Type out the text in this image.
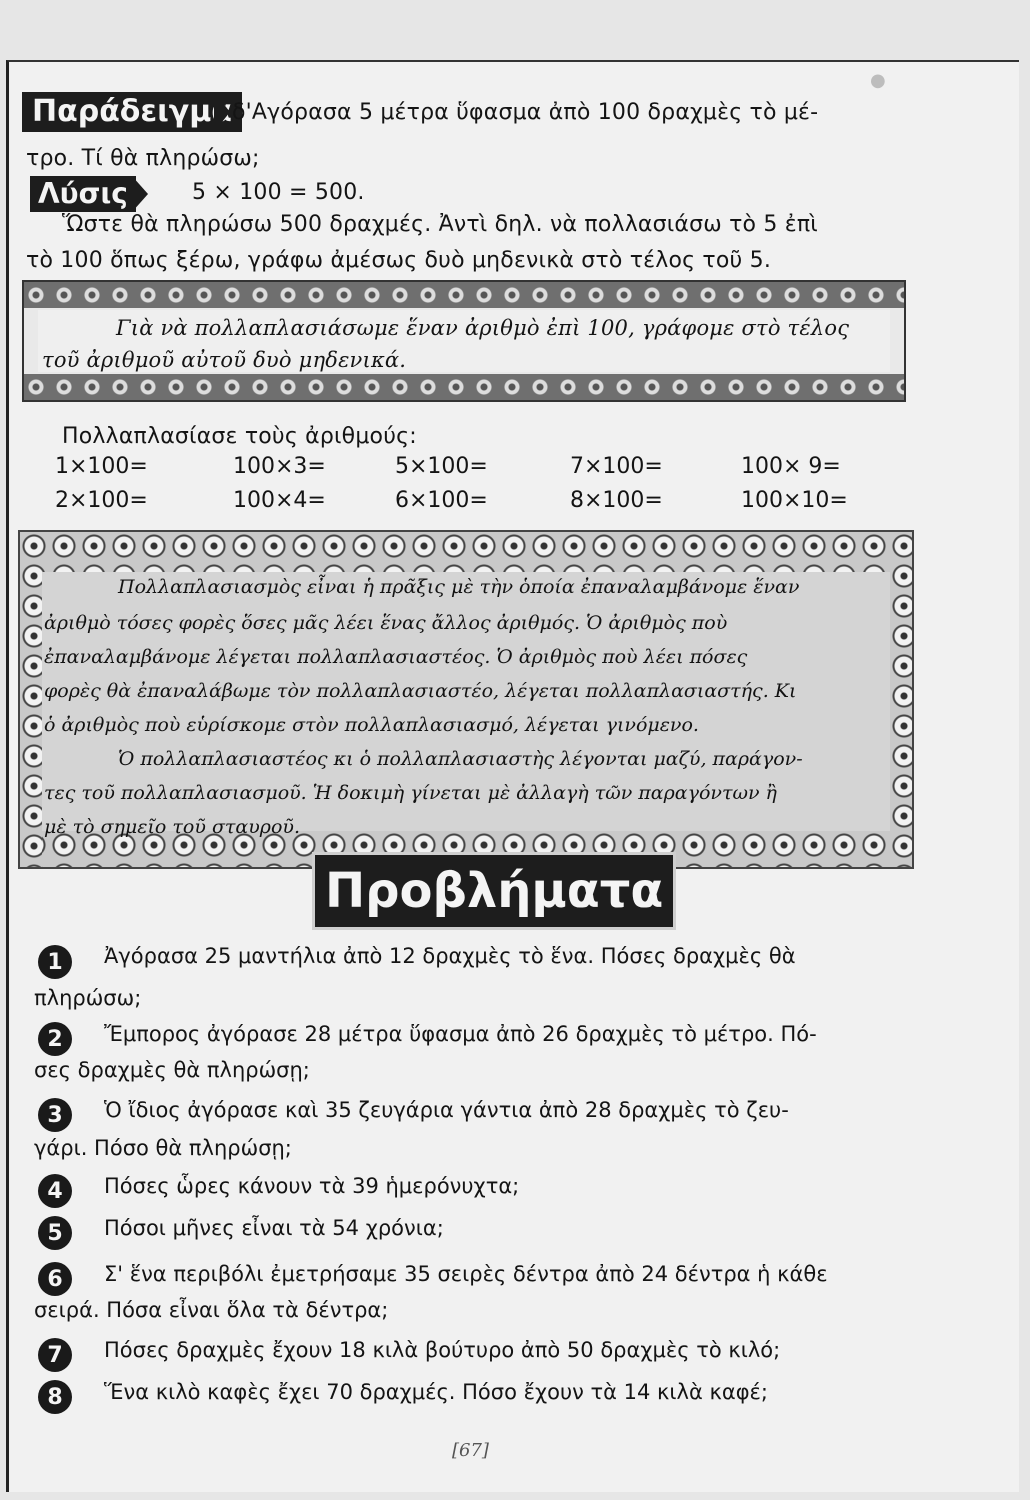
●
Παράδειγμα δ'Αγόρασα 5 μέτρα ὕφασμα ἀπὸ 100 δραχμὲς τὸ μέ-
τρο. Τί θὰ πληρώσω;
Λύσις	5 × 100 = 500.
Ὥστε θὰ πληρώσω 500 δραχμές. Ἀντὶ δηλ. νὰ πολλασιάσω τὸ 5 ἐπὶ
τὸ 100 ὅπως ξέρω, γράφω ἀμέσως δυὸ μηδενικὰ στὸ τέλος τοῦ 5.
Γιὰ νὰ πολλαπλασιάσωμε ἕναν ἀριθμὸ ἐπὶ 100, γράφομε στὸ τέλος
τοῦ ἀριθμοῦ αὐτοῦ δυὸ μηδενικά.
Πολλαπλασίασε τοὺς ἀριθμούς:
1×100=	100×3=	5×100=	7×100=	100× 9=
2×100=	100×4=	6×100=	8×100=	100×10=
Πολλαπλασιασμὸς εἶναι ἡ πρᾶξις μὲ τὴν ὁποία ἐπαναλαμβάνομε ἕναν
ἀριθμὸ τόσες φορὲς ὅσες μᾶς λέει ἕνας ἄλλος ἀριθμός. Ὁ ἀριθμὸς ποὺ
ἐπαναλαμβάνομε λέγεται πολλαπλασιαστέος. Ὁ ἀριθμὸς ποὺ λέει πόσες
φορὲς θὰ ἐπαναλάβωμε τὸν πολλαπλασιαστέο, λέγεται πολλαπλασιαστής. Κι
ὁ ἀριθμὸς ποὺ εὑρίσκομε στὸν πολλαπλασιασμό, λέγεται γινόμενο.
Ὁ πολλαπλασιαστέος κι ὁ πολλαπλασιαστὴς λέγονται μαζύ, παράγον-
τες τοῦ πολλαπλασιασμοῦ. Ἡ δοκιμὴ γίνεται μὲ ἀλλαγὴ τῶν παραγόντων ἢ
μὲ τὸ σημεῖο τοῦ σταυροῦ.
Προβλήματα
1	Ἀγόρασα 25 μαντήλια ἀπὸ 12 δραχμὲς τὸ ἕνα. Πόσες δραχμὲς θὰ
πληρώσω;
2	Ἔμπορος ἀγόρασε 28 μέτρα ὕφασμα ἀπὸ 26 δραχμὲς τὸ μέτρο. Πό-
σες δραχμὲς θὰ πληρώσῃ;
3	Ὁ ἴδιος ἀγόρασε καὶ 35 ζευγάρια γάντια ἀπὸ 28 δραχμὲς τὸ ζευ-
γάρι. Πόσο θὰ πληρώσῃ;
4	Πόσες ὧρες κάνουν τὰ 39 ἡμερόνυχτα;
5	Πόσοι μῆνες εἶναι τὰ 54 χρόνια;
6	Σ' ἕνα περιβόλι ἐμετρήσαμε 35 σειρὲς δέντρα ἀπὸ 24 δέντρα ἡ κάθε
σειρά. Πόσα εἶναι ὅλα τὰ δέντρα;
7	Πόσες δραχμὲς ἔχουν 18 κιλὰ βούτυρο ἀπὸ 50 δραχμὲς τὸ κιλό;
8	Ἕνα κιλὸ καφὲς ἔχει 70 δραχμές. Πόσο ἔχουν τὰ 14 κιλὰ καφέ;
[67]
